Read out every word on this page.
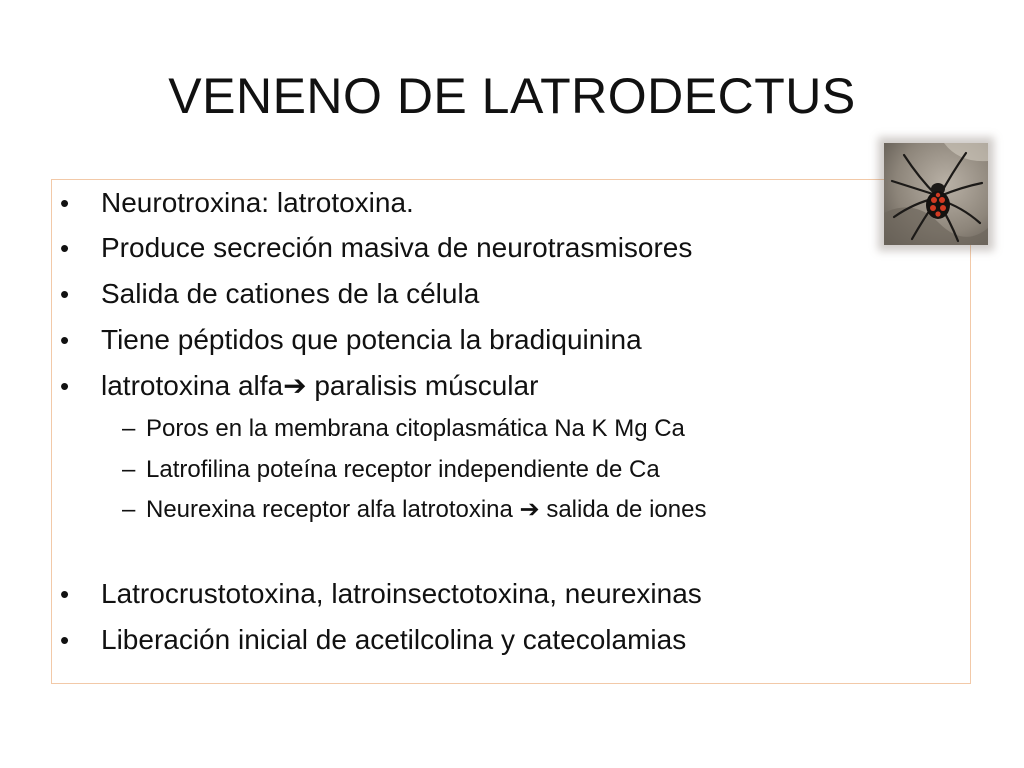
VENENO DE LATRODECTUS
• Neurotroxina: latrotoxina.
• Produce secreción masiva de neurotrasmisores
• Salida de cationes de la célula
• Tiene péptidos que potencia la bradiquinina
• latrotoxina alfa➔ paralisis múscular
– Poros en la membrana citoplasmática Na K Mg Ca
– Latrofilina poteína receptor independiente de Ca
– Neurexina receptor alfa latrotoxina ➔ salida de iones
• Latrocrustotoxina, latroinsectotoxina, neurexinas
• Liberación inicial de acetilcolina y catecolamias
